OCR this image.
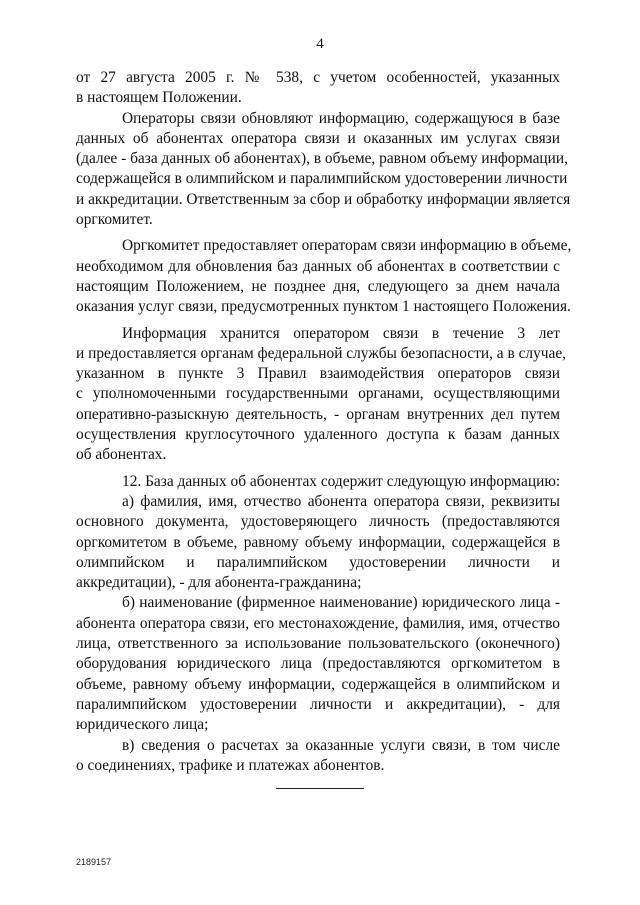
4

от 27 августа 2005 г. № 538, с учетом особенностей, указанных
в настоящем Положении.

Операторы связи обновляют информацию, содержащуюся в базе
данных об абонентах оператора связи и оказанных им услугах связи
(далее - база данных об абонентах), в объеме, равном объему информации,
содержащейся в олимпийском и паралимпийском удостоверении личности
и аккредитации. Ответственным за сбор и обработку информации является
оргкомитет.

Оргкомитет предоставляет операторам связи информацию в объеме,
необходимом для обновления баз данных об абонентах в соответствии с
настоящим Положением, не позднее дня, следующего за днем начала
оказания услуг связи, предусмотренных пунктом 1 настоящего Положения.

Информация хранится оператором связи в течение 3 лет
и предоставляется органам федеральной службы безопасности, а в случае,
указанном в пункте 3 Правил взаимодействия операторов связи
с уполномоченными государственными органами, осуществляющими
оперативно-разыскную деятельность, - органам внутренних дел путем
осуществления круглосуточного удаленного доступа к базам данных
об абонентах.

12. База данных об абонентах содержит следующую информацию:

а) фамилия, имя, отчество абонента оператора связи, реквизиты
основного документа, удостоверяющего личность (предоставляются
оргкомитетом в объеме, равному объему информации, содержащейся в
олимпийском и паралимпийском удостоверении личности и
аккредитации), - для абонента-гражданина;

б) наименование (фирменное наименование) юридического лица -
абонента оператора связи, его местонахождение, фамилия, имя, отчество
лица, ответственного за использование пользовательского (оконечного)
оборудования юридического лица (предоставляются оргкомитетом в
объеме, равному объему информации, содержащейся в олимпийском и
паралимпийском удостоверении личности и аккредитации), - для
юридического лица;

в) сведения о расчетах за оказанные услуги связи, в том числе
о соединениях, трафике и платежах абонентов.

2189157
